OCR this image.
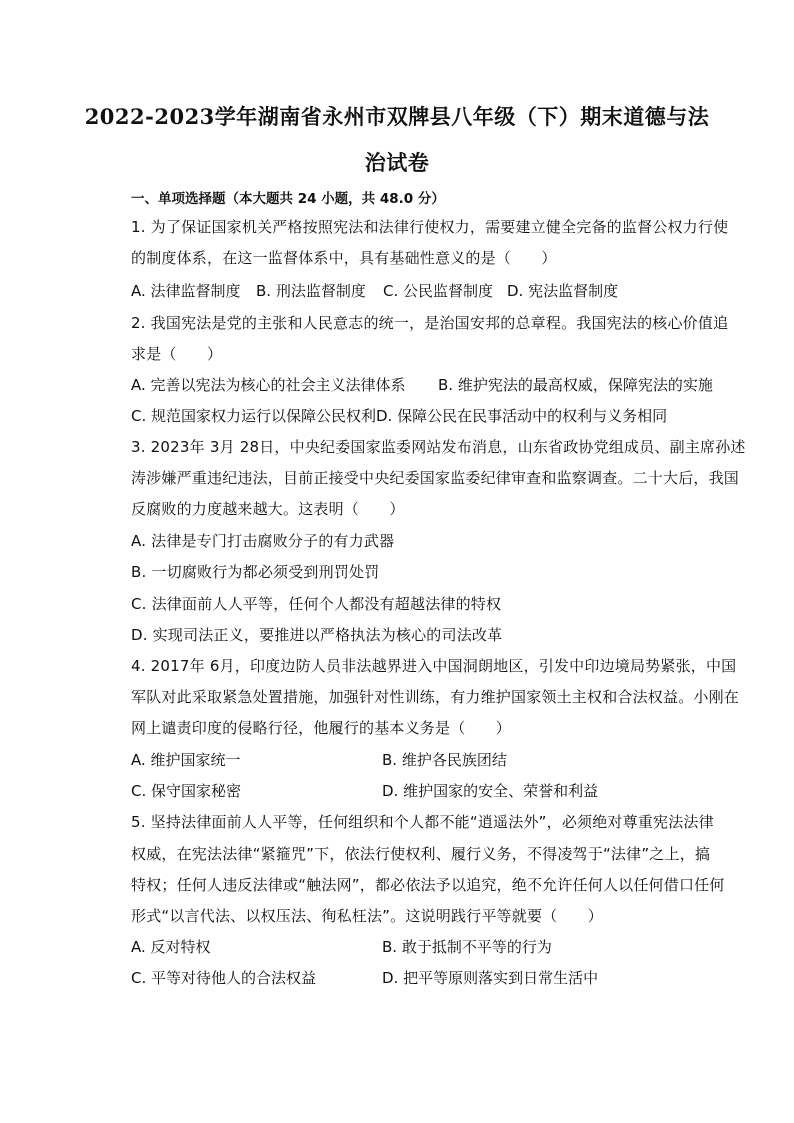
2022-2023学年湖南省永州市双牌县八年级（下）期末道德与法
治试卷
一、单项选择题（本大题共 24 小题，共 48.0 分）
1. 为了保证国家机关严格按照宪法和法律行使权力，需要建立健全完备的监督公权力行使
的制度体系，在这一监督体系中，具有基础性意义的是（　　）
A. 法律监督制度 B. 刑法监督制度 C. 公民监督制度 D. 宪法监督制度
2. 我国宪法是党的主张和人民意志的统一，是治国安邦的总章程。我国宪法的核心价值追
求是（　　）
A. 完善以宪法为核心的社会主义法律体系 B. 维护宪法的最高权威，保障宪法的实施
C. 规范国家权力运行以保障公民权利 D. 保障公民在民事活动中的权利与义务相同
3. 2023年 3月 28日，中央纪委国家监委网站发布消息，山东省政协党组成员、副主席孙述
涛涉嫌严重违纪违法，目前正接受中央纪委国家监委纪律审查和监察调查。二十大后，我国
反腐败的力度越来越大。这表明（　　）
A. 法律是专门打击腐败分子的有力武器
B. 一切腐败行为都必须受到刑罚处罚
C. 法律面前人人平等，任何个人都没有超越法律的特权
D. 实现司法正义，要推进以严格执法为核心的司法改革
4. 2017年 6月，印度边防人员非法越界进入中国洞朗地区，引发中印边境局势紧张，中国
军队对此采取紧急处置措施，加强针对性训练，有力维护国家领土主权和合法权益。小刚在
网上谴责印度的侵略行径，他履行的基本义务是（　　）
A. 维护国家统一	B. 维护各民族团结
C. 保守国家秘密	D. 维护国家的安全、荣誉和利益
5. 坚持法律面前人人平等，任何组织和个人都不能“逍遥法外”，必须绝对尊重宪法法律
权威，在宪法法律“紧箍咒”下，依法行使权利、履行义务，不得凌驾于“法律”之上，搞
特权；任何人违反法律或“触法网”，都必依法予以追究，绝不允许任何人以任何借口任何
形式“以言代法、以权压法、徇私枉法”。这说明践行平等就要（　　）
A. 反对特权	B. 敢于抵制不平等的行为
C. 平等对待他人的合法权益	D. 把平等原则落实到日常生活中
